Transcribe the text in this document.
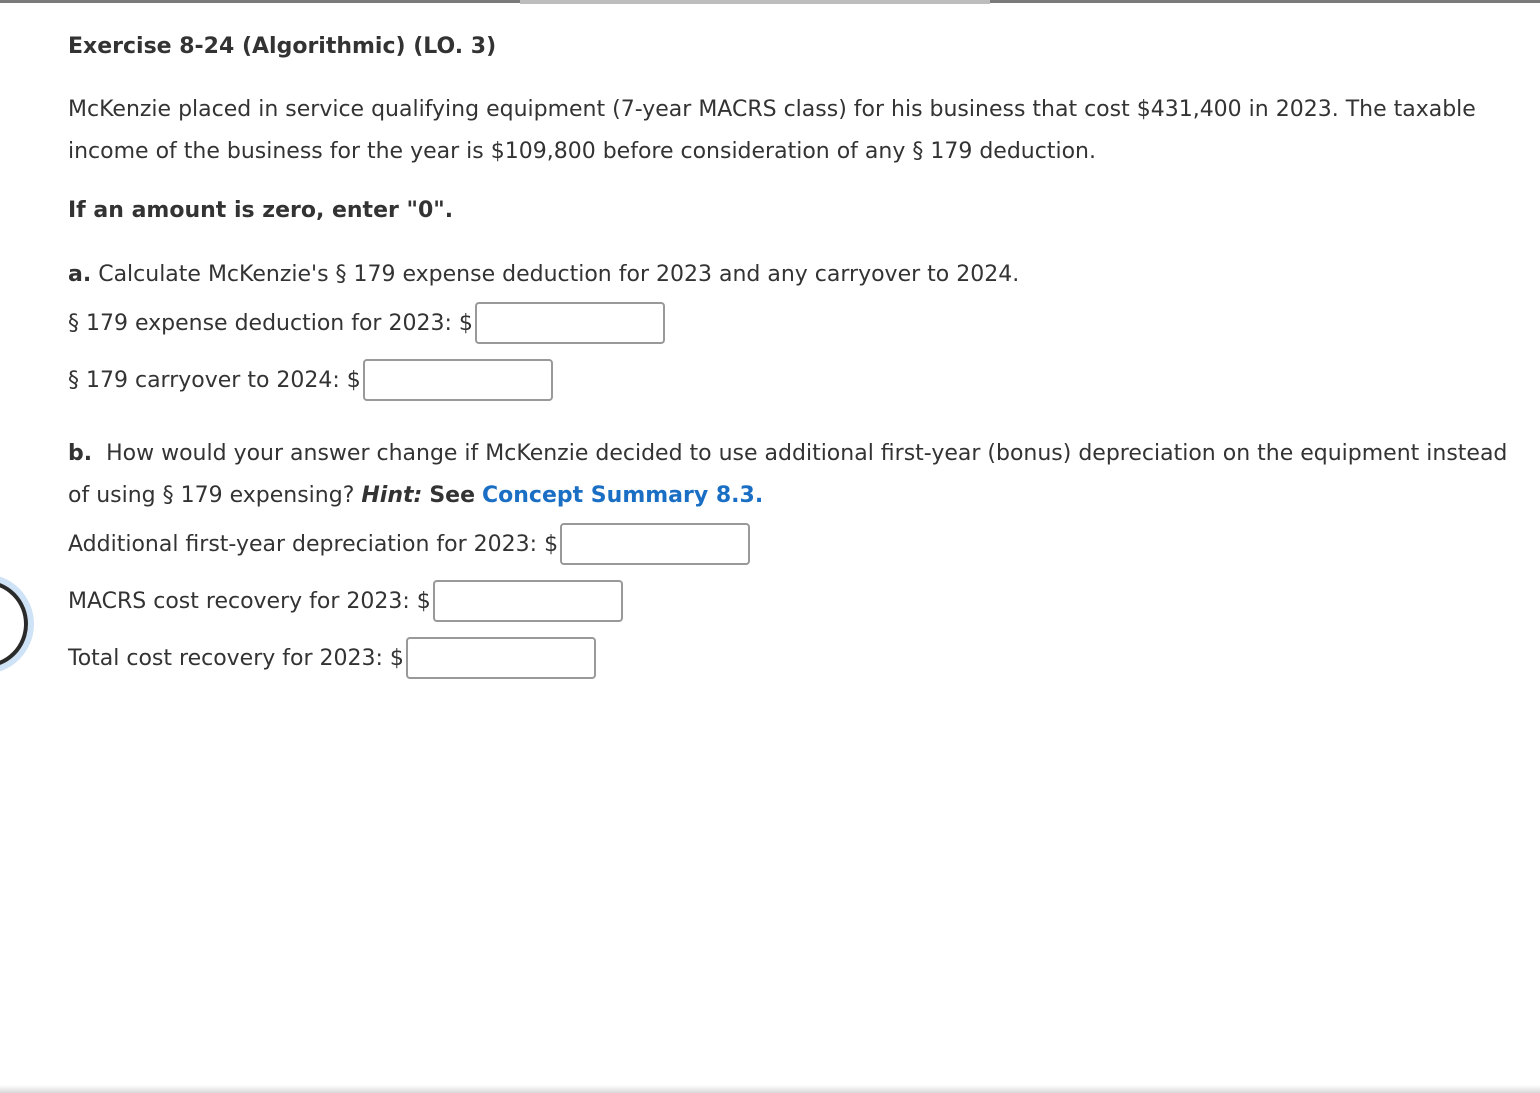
Exercise 8-24 (Algorithmic) (LO. 3)
McKenzie placed in service qualifying equipment (7-year MACRS class) for his business that cost $431,400 in 2023. The taxable income of the business for the year is $109,800 before consideration of any § 179 deduction.
If an amount is zero, enter "0".
a. Calculate McKenzie's § 179 expense deduction for 2023 and any carryover to 2024.
§ 179 expense deduction for 2023: $
§ 179 carryover to 2024: $
b. How would your answer change if McKenzie decided to use additional first-year (bonus) depreciation on the equipment instead of using § 179 expensing? Hint: See Concept Summary 8.3.
Additional first-year depreciation for 2023: $
MACRS cost recovery for 2023: $
Total cost recovery for 2023: $
